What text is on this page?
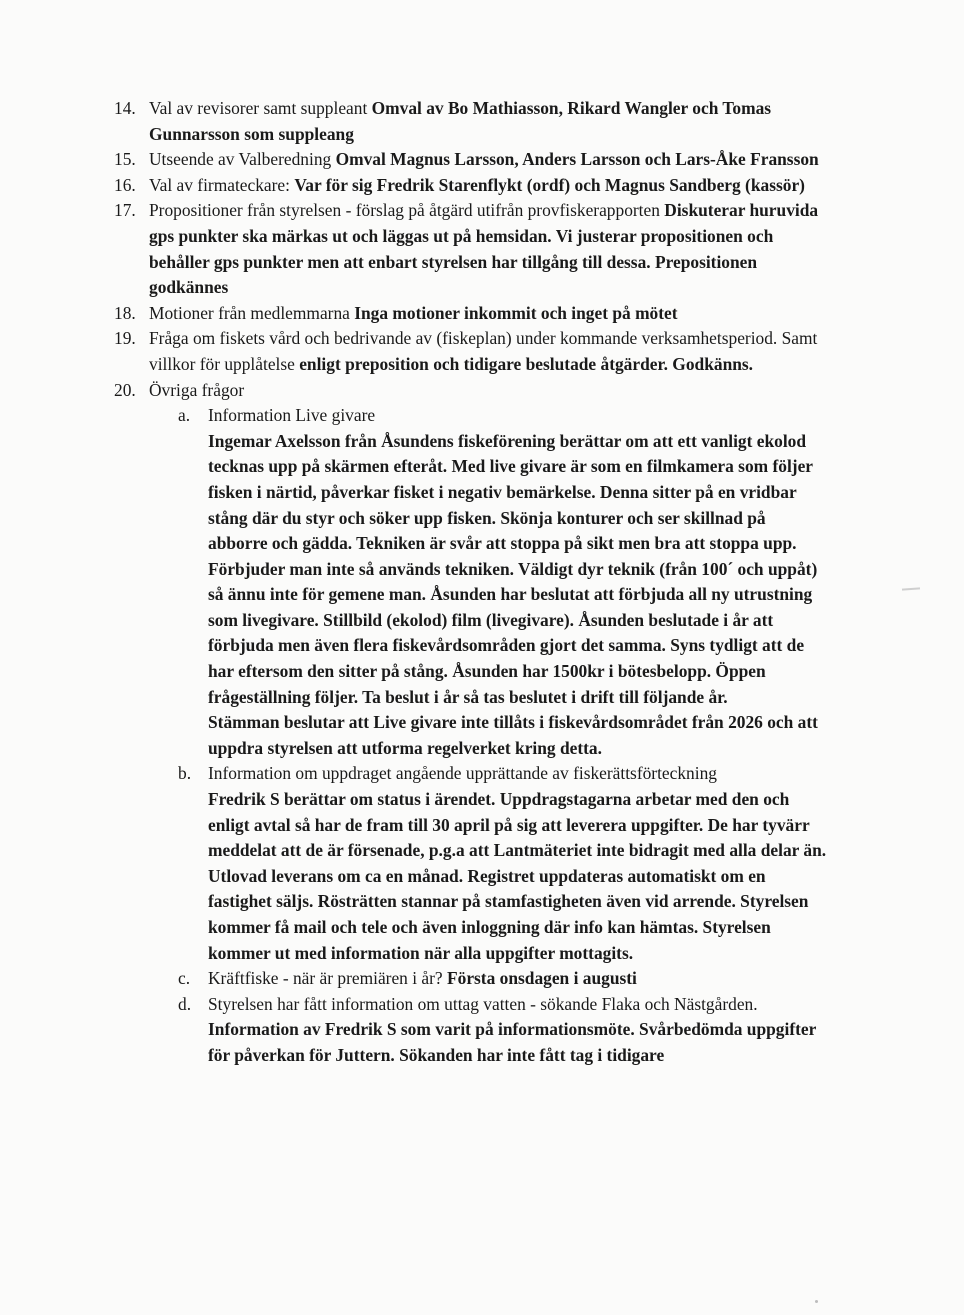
14. Val av revisorer samt suppleant Omval av Bo Mathiasson, Rikard Wangler och Tomas Gunnarsson som suppleang
15. Utseende av Valberedning Omval Magnus Larsson, Anders Larsson och Lars-Åke Fransson
16. Val av firmateckare: Var för sig Fredrik Starenflykt (ordf) och Magnus Sandberg (kassör)
17. Propositioner från styrelsen - förslag på åtgärd utifrån provfiskerapporten Diskuterar huruvida gps punkter ska märkas ut och läggas ut på hemsidan. Vi justerar propositionen och behåller gps punkter men att enbart styrelsen har tillgång till dessa. Prepositionen godkännes
18. Motioner från medlemmarna Inga motioner inkommit och inget på mötet
19. Fråga om fiskets vård och bedrivande av (fiskeplan) under kommande verksamhetsperiod. Samt villkor för upplåtelse enligt preposition och tidigare beslutade åtgärder. Godkänns.
20. Övriga frågor
a. Information Live givare
Ingemar Axelsson från Åsundens fiskeförening berättar om att ett vanligt ekolod tecknas upp på skärmen efteråt. Med live givare är som en filmkamera som följer fisken i närtid, påverkar fisket i negativ bemärkelse. Denna sitter på en vridbar stång där du styr och söker upp fisken. Skönja konturer och ser skillnad på abborre och gädda. Tekniken är svår att stoppa på sikt men bra att stoppa upp. Förbjuder man inte så används tekniken. Väldigt dyr teknik (från 100´ och uppåt) så ännu inte för gemene man. Åsunden har beslutat att förbjuda all ny utrustning som livegivare. Stillbild (ekolod) film (livegivare). Åsunden beslutade i år att förbjuda men även flera fiskevårdsområden gjort det samma. Syns tydligt att de har eftersom den sitter på stång. Åsunden har 1500kr i bötesbelopp. Öppen frågeställning följer. Ta beslut i år så tas beslutet i drift till följande år.
Stämman beslutar att Live givare inte tillåts i fiskevårdsområdet från 2026 och att uppdra styrelsen att utforma regelverket kring detta.
b. Information om uppdraget angående upprättande av fiskerättsförteckning
Fredrik S berättar om status i ärendet. Uppdragstagarna arbetar med den och enligt avtal så har de fram till 30 april på sig att leverera uppgifter. De har tyvärr meddelat att de är försenade, p.g.a att Lantmäteriet inte bidragit med alla delar än. Utlovad leverans om ca en månad. Registret uppdateras automatiskt om en fastighet säljs. Rösträtten stannar på stamfastigheten även vid arrende. Styrelsen kommer få mail och tele och även inloggning där info kan hämtas. Styrelsen kommer ut med information när alla uppgifter mottagits.
c. Kräftfiske - när är premiären i år? Första onsdagen i augusti
d. Styrelsen har fått information om uttag vatten - sökande Flaka och Nästgården.
Information av Fredrik S som varit på informationsmöte. Svårbedömda uppgifter för påverkan för Juttern. Sökanden har inte fått tag i tidigare
